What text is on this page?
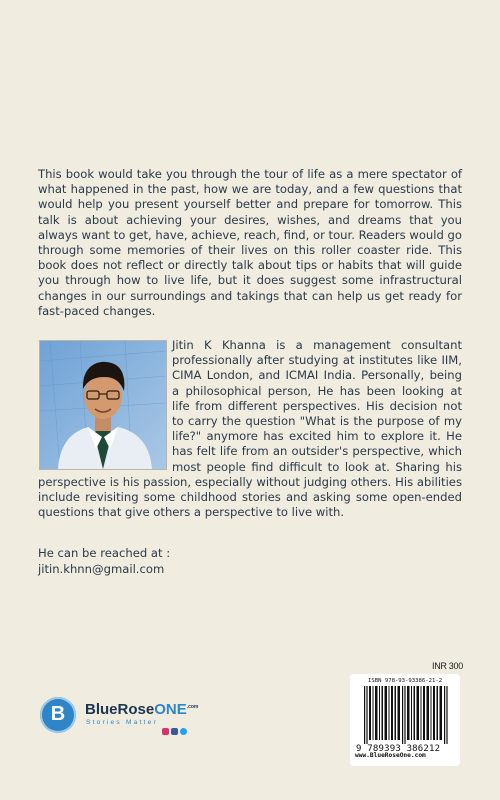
This book would take you through the tour of life as a mere spectator of what happened in the past, how we are today, and a few questions that would help you present yourself better and prepare for tomorrow. This talk is about achieving your desires, wishes, and dreams that you always want to get, have, achieve, reach, find, or tour. Readers would go through some memories of their lives on this roller coaster ride. This book does not reflect or directly talk about tips or habits that will guide you through how to live life, but it does suggest some infrastructural changes in our surroundings and takings that can help us get ready for fast-paced changes.

Jitin K Khanna is a management consultant professionally after studying at institutes like IIM, CIMA London, and ICMAI India. Personally, being a philosophical person, He has been looking at life from different perspectives. His decision not to carry the question "What is the purpose of my life?" anymore has excited him to explore it. He has felt life from an outsider's perspective, which most people find difficult to look at. Sharing his perspective is his passion, especially without judging others. His abilities include revisiting some childhood stories and asking some open-ended questions that give others a perspective to live with.

He can be reached at :
jitin.khnn@gmail.com
B	BlueRoseONE$^{.com}$
Stories Matter
INR 300
ISBN 978-93-93386-21-2
9 789393 386212
www.BlueRoseOne.com
